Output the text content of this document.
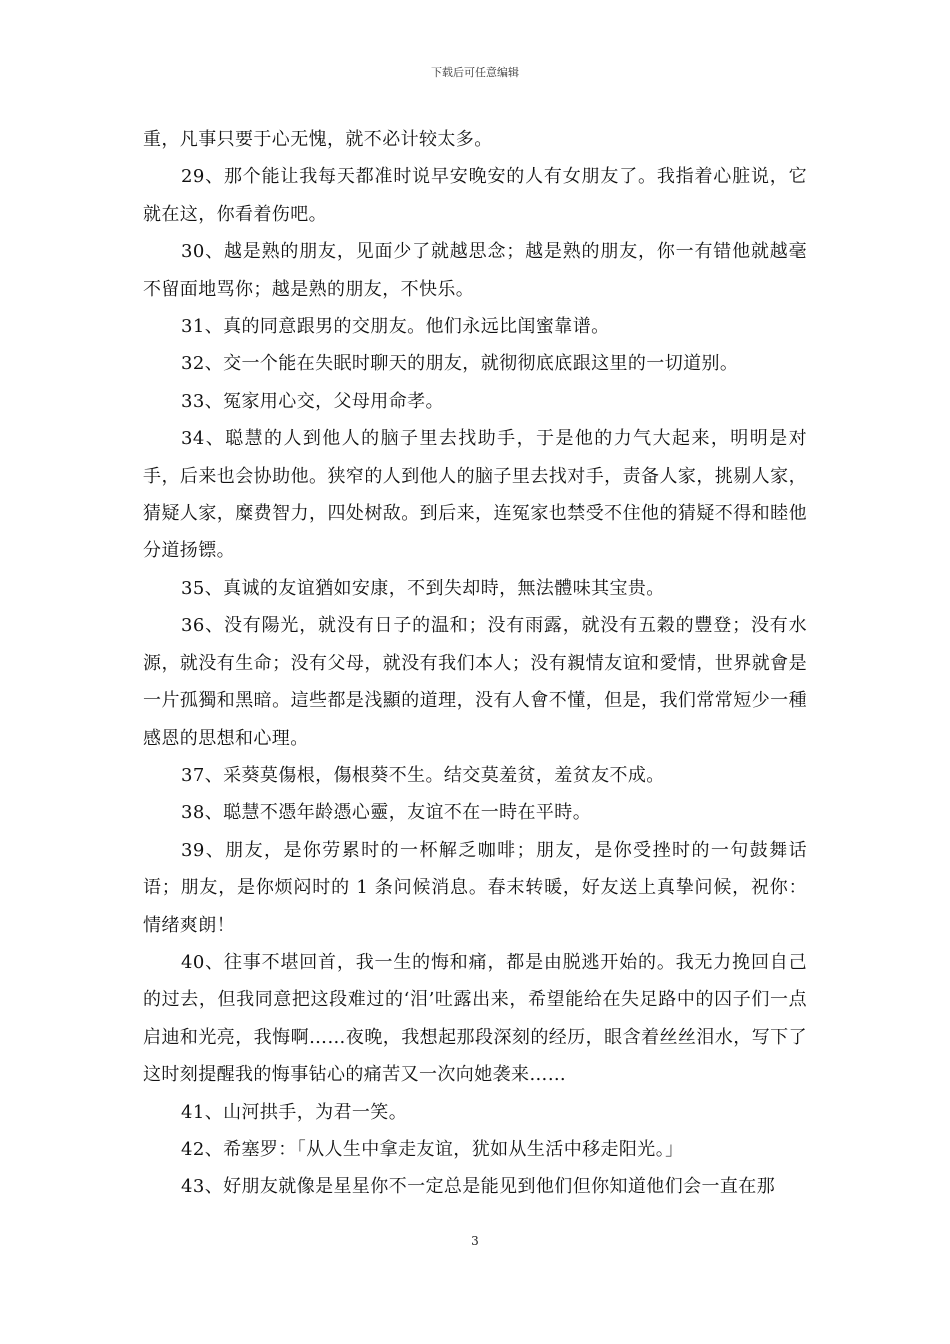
下载后可任意编辑

重，凡事只要于心无愧，就不必计较太多。

29、那个能让我每天都准时说早安晚安的人有女朋友了。我指着心脏说，它就在这，你看着伤吧。

30、越是熟的朋友，见面少了就越思念；越是熟的朋友，你一有错他就越毫不留面地骂你；越是熟的朋友，不快乐。

31、真的同意跟男的交朋友。他们永远比闺蜜靠谱。

32、交一个能在失眠时聊天的朋友，就彻彻底底跟这里的一切道别。

33、冤家用心交，父母用命孝。

34、聪慧的人到他人的脑子里去找助手，于是他的力气大起来，明明是对手，后来也会协助他。狭窄的人到他人的脑子里去找对手，责备人家，挑剔人家，猜疑人家，糜费智力，四处树敌。到后来，连冤家也禁受不住他的猜疑不得和睦他分道扬镖。

35、真诚的友谊猶如安康，不到失却時，無法體味其宝贵。

36、没有陽光，就没有日子的温和；没有雨露，就没有五穀的豐登；没有水源，就没有生命；没有父母，就没有我们本人；没有親情友谊和愛情，世界就會是一片孤獨和黑暗。這些都是浅顯的道理，没有人會不懂，但是，我们常常短少一種感恩的思想和心理。

37、采葵莫傷根，傷根葵不生。结交莫羞贫，羞贫友不成。

38、聪慧不憑年龄憑心靈，友谊不在一時在平時。

39、朋友，是你劳累时的一杯解乏咖啡；朋友，是你受挫时的一句鼓舞话语；朋友，是你烦闷时的 1 条问候消息。春末转暖，好友送上真挚问候，祝你：情绪爽朗！

40、往事不堪回首，我一生的悔和痛，都是由脱逃开始的。我无力挽回自己的过去，但我同意把这段难过的‘泪’吐露出来，希望能给在失足路中的囚子们一点启迪和光亮，我悔啊……夜晚，我想起那段深刻的经历，眼含着丝丝泪水，写下了这时刻提醒我的悔事钻心的痛苦又一次向她袭来……

41、山河拱手，为君一笑。

42、希塞罗：「从人生中拿走友谊，犹如从生活中移走阳光。」

43、好朋友就像是星星你不一定总是能见到他们但你知道他们会一直在那

3
